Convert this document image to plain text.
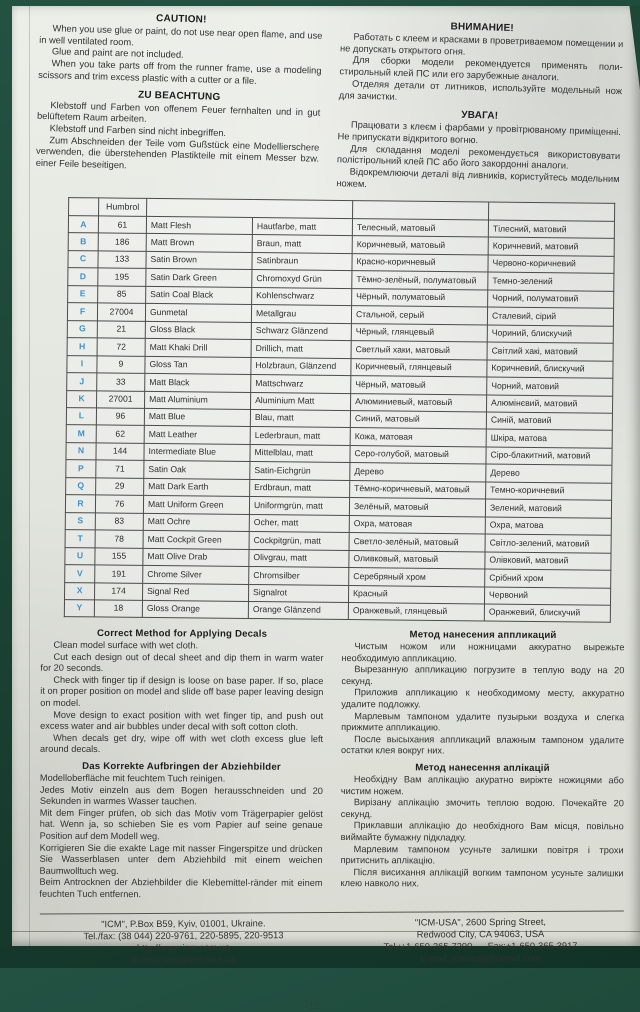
CAUTION!
When you use glue or paint, do not use near open flame, and use in well ventilated room.
Glue and paint are not included.
When you take parts off from the runner frame, use a modeling scissors and trim excess plastic with a cutter or a file.
ZU BEACHTUNG
Klebstoff und Farben von offenem Feuer fernhalten und in gut belüftetem Raum arbeiten.
Klebstoff und Farben sind nicht inbegriffen.
Zum Abschneiden der Teile vom Gußstück eine Modellierschere verwenden, die überstehenden Plastikteile mit einem Messer bzw. einer Feile beseitigen.
ВНИМАНИЕ!
Работать с клеем и красками в проветриваемом помещении и не допускать открытого огня.
Для сборки модели рекомендуется применять полистирольный клей ПС или его зарубежные аналоги.
Отделяя детали от литников, используйте модельный нож для зачистки.
УВАГА!
Працювати з клеєм і фарбами у провітрюваному приміщенні. Не припускати відкритого вогню.
Для складання моделі рекомендується використовувати полістірольний клей ПС або його закордонні аналоги.
Відокремлюючи деталі від ливників, користуйтесь модельним ножем.
	Humbrol				
A	61	Matt Flesh	Hautfarbe, matt	Телесный, матовый	Тілесний, матовий
B	186	Matt Brown	Braun, matt	Коричневый, матовый	Коричневий, матовий
C	133	Satin Brown	Satinbraun	Красно-коричневый	Червоно-коричневий
D	195	Satin Dark Green	Chromoxyd Grün	Тёмно-зелёный, полуматовый	Темно-зелений
E	85	Satin Coal Black	Kohlenschwarz	Чёрный, полуматовый	Чорний, полуматовий
F	27004	Gunmetal	Metallgrau	Стальной, серый	Сталевий, сірий
G	21	Gloss Black	Schwarz Glänzend	Чёрный, глянцевый	Чориний, блискучий
H	72	Matt Khaki Drill	Drillich, matt	Светлый хаки, матовый	Світлий хакі, матовий
I	9	Gloss Tan	Holzbraun, Glänzend	Коричневый, глянцевый	Коричневий, блискучий
J	33	Matt Black	Mattschwarz	Чёрный, матовый	Чорний, матовий
K	27001	Matt Aluminium	Aluminium Matt	Алюминиевый, матовый	Алюмінєвий, матовий
L	96	Matt Blue	Blau, matt	Синий, матовый	Синій, матовий
M	62	Matt Leather	Lederbraun, matt	Кожа, матовая	Шкіра, матова
N	144	Intermediate Blue	Mittelblau, matt	Серо-голубой, матовый	Сіро-блакитний, матовий
P	71	Satin Oak	Satin-Eichgrün	Дерево	Дерево
Q	29	Matt Dark Earth	Erdbraun, matt	Тёмно-коричневый, матовый	Темно-коричневий
R	76	Matt Uniform Green	Uniformgrün, matt	Зелёный, матовый	Зелений, матовий
S	83	Matt Ochre	Ocher, matt	Охра, матовая	Охра, матова
T	78	Matt Cockpit Green	Cockpitgrün, matt	Светло-зелёный, матовый	Світло-зелений, матовий
U	155	Matt Olive Drab	Olivgrau, matt	Оливковый, матовый	Олівковий, матовий
V	191	Chrome Silver	Chromsilber	Серебряный хром	Срібний хром
X	174	Signal Red	Signalrot	Красный	Червоний
Y	18	Gloss Orange	Orange Glänzend	Оранжевый, глянцевый	Оранжевий, блискучий
Correct Method for Applying Decals
Clean model surface with wet cloth.
Cut each design out of decal sheet and dip them in warm water for 20 seconds.
Check with finger tip if design is loose on base paper. If so, place it on proper position on model and slide off base paper leaving design on model.
Move design to exact position with wet finger tip, and push out excess water and air bubbles under decal with soft cotton cloth.
When decals get dry, wipe off with wet cloth excess glue left around decals.
Das Korrekte Aufbringen der Abziehbilder
Modelloberfläche mit feuchtem Tuch reinigen.
Jedes Motiv einzeln aus dem Bogen herausschneiden und 20 Sekunden in warmes Wasser tauchen.
Mit dem Finger prüfen, ob sich das Motiv vom Trägerpapier gelöst hat. Wenn ja, so schieben Sie es vom Papier auf seine genaue Position auf dem Modell weg.
Korrigieren Sie die exakte Lage mit nasser Fingerspitze und drücken Sie Wasserblasen unter dem Abziehbild mit einem weichen Baumwolltuch weg.
Beim Antrocknen der Abziehbilder die Klebemittel-ränder mit einem feuchten Tuch entfernen.
Метод нанесения аппликаций
Чистым ножом или ножницами аккуратно вырежьте необходимую аппликацию.
Вырезанную аппликацию погрузите в теплую воду на 20 секунд.
Приложив аппликацию к необходимому месту, аккуратно удалите подложку.
Марлевым тампоном удалите пузырьки воздуха и слегка прижмите аппликацию.
После высыхания аппликаций влажным тампоном удалите остатки клея вокруг них.
Метод нанесення аплікацій
Необхідну Вам аплікацію акуратно виріжте ножицями або чистим ножем.
Вирізану аплікацію змочить теплою водою. Почекайте 20 секунд.
Приклавши аплікацію до необхідного Вам місця, повільно виймайте бумажну підкладку.
Марлевим тампоном усуньте залишки повітря і трохи притиснить аплікацію.
Після висихання аплікацій вогким тампоном усуньте залишки клею навколо них.
"ICM", P.Box B59, Kyiv, 01001, Ukraine.
Tel./fax: (38 044) 220-9761, 220-5895, 220-9513
http://www.icm.com.ua
E-mail: icm@icm.com.ua
"ICM-USA", 2600 Spring Street,
Redwood City, CA 94063, USA
Tel.:+1-650-365-7200      Fax:+1-650-365-3917
E-mail: icmusa@hotmail.com
12
